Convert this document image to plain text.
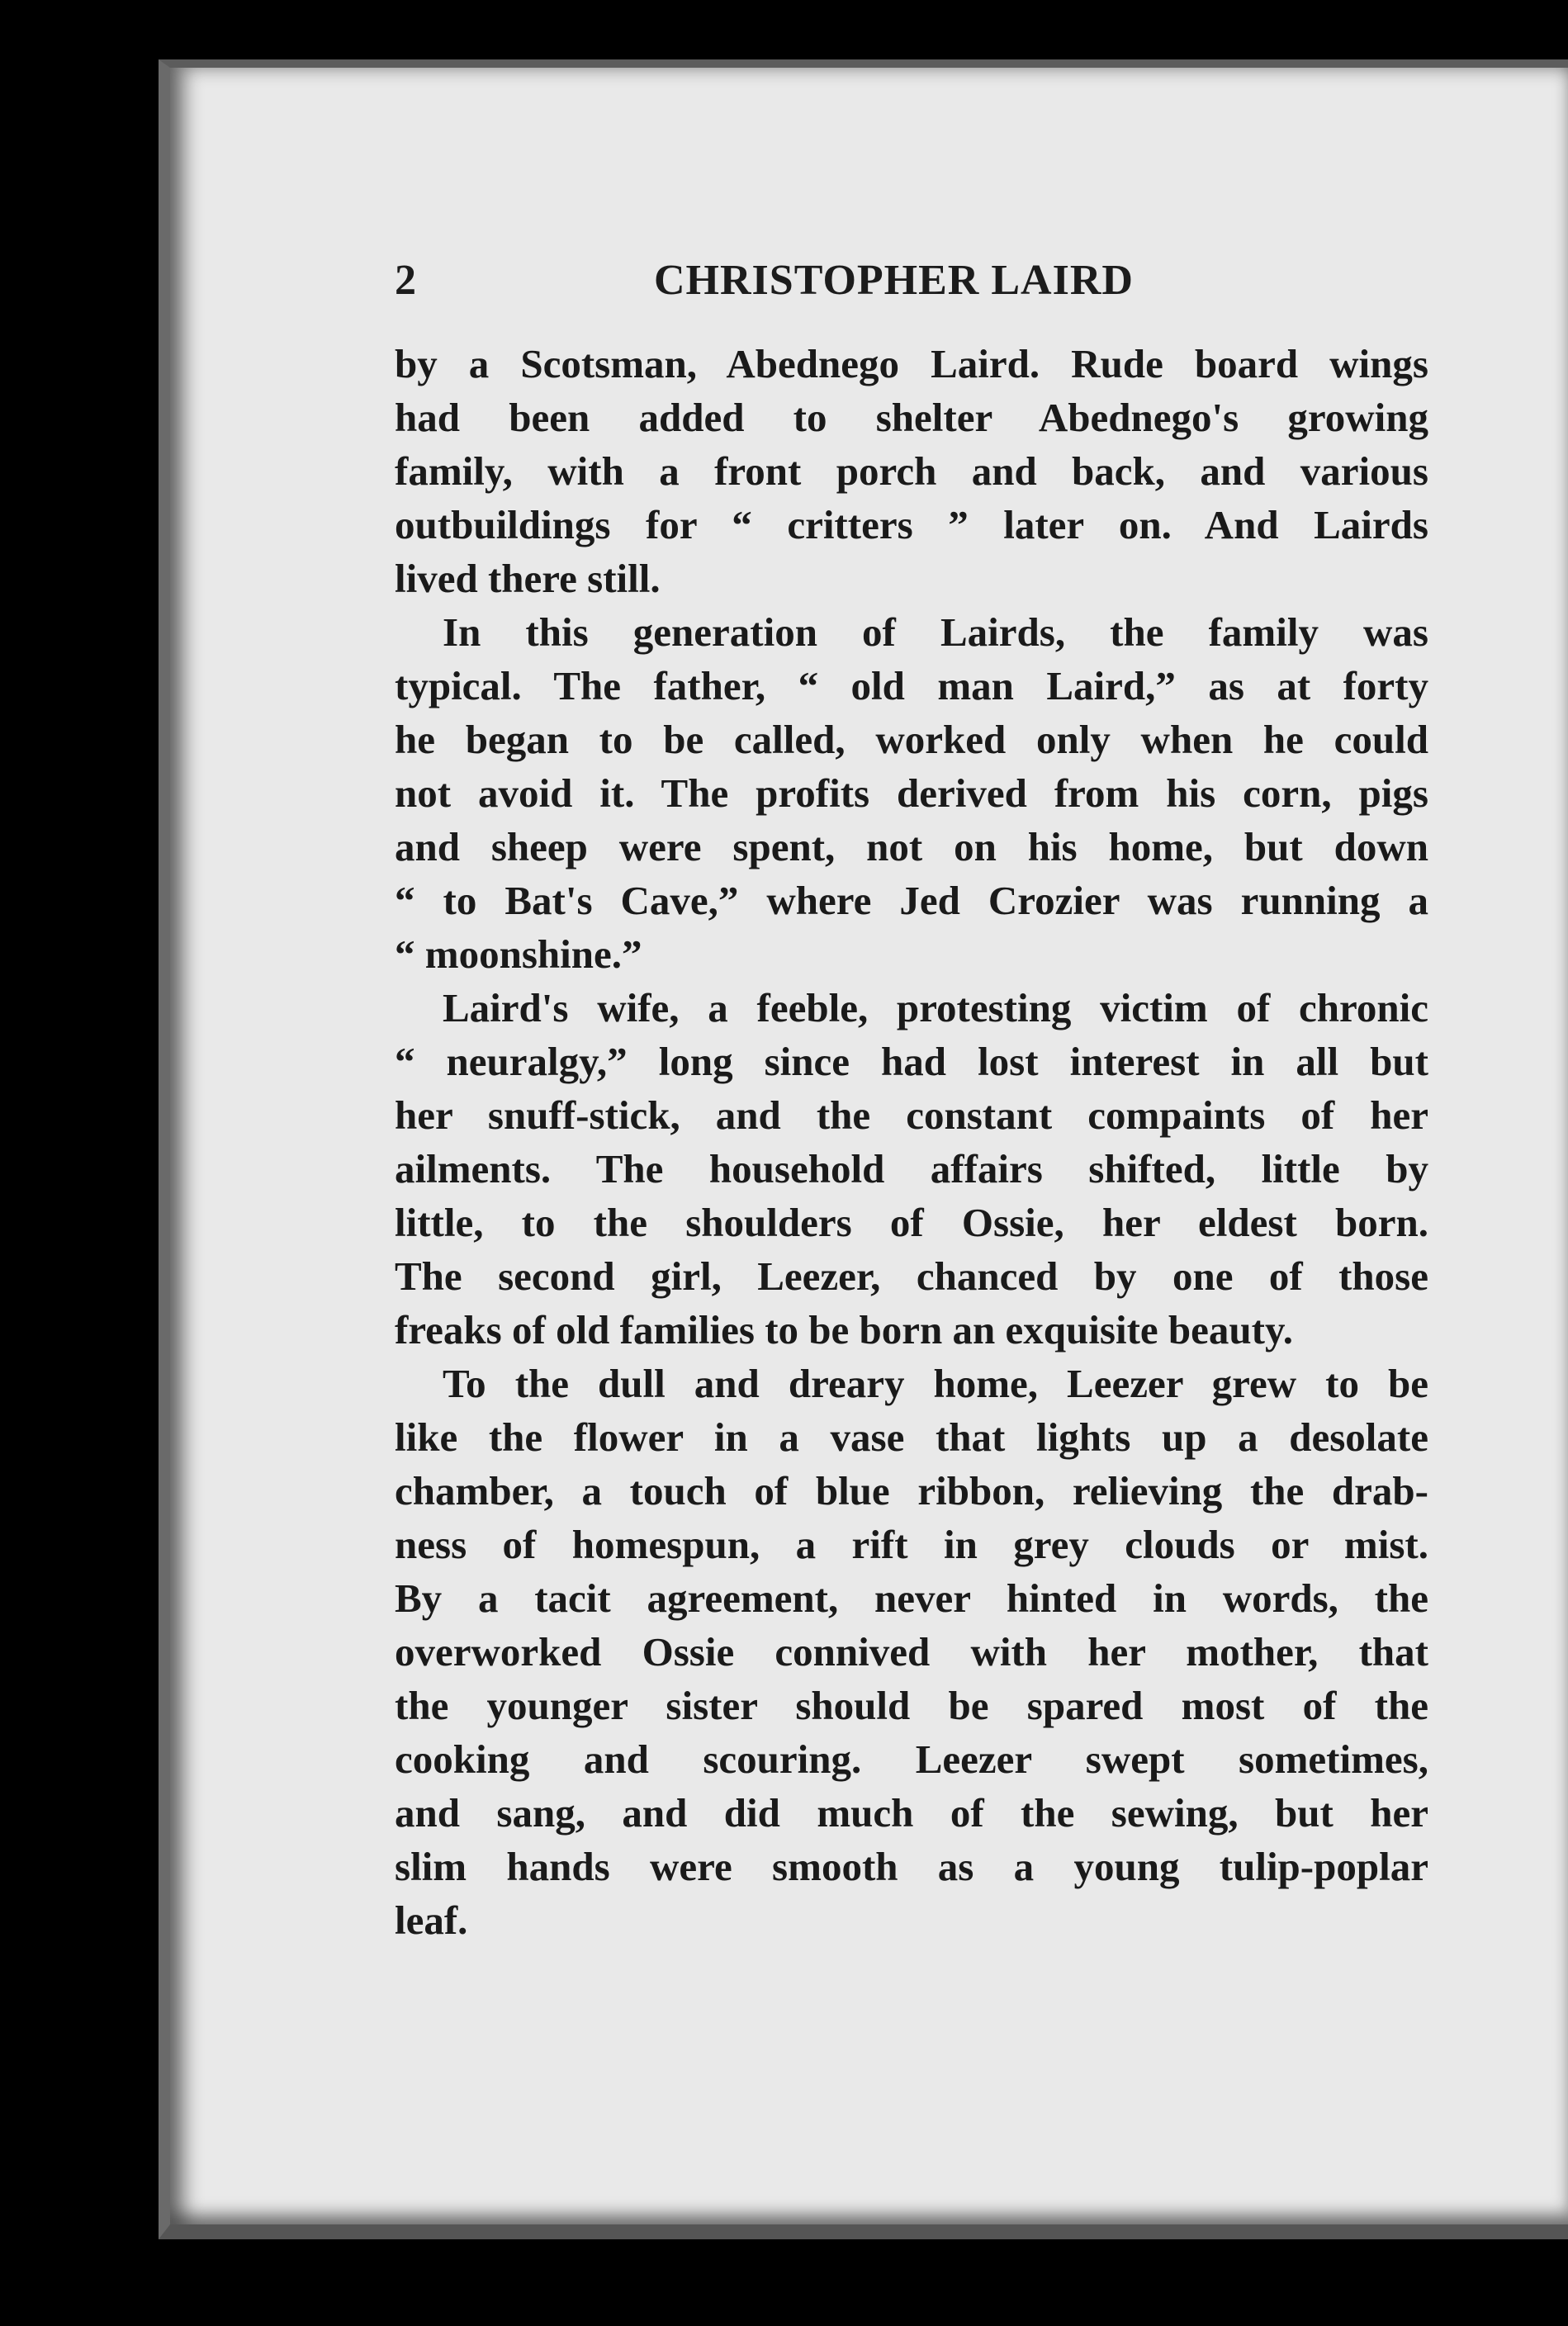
2	CHRISTOPHER LAIRD
by a Scotsman, Abednego Laird. Rude board wings
had been added to shelter Abednego's growing
family, with a front porch and back, and various
outbuildings for “ critters ” later on. And Lairds
lived there still.
In this generation of Lairds, the family was
typical. The father, “ old man Laird,” as at forty
he began to be called, worked only when he could
not avoid it. The profits derived from his corn, pigs
and sheep were spent, not on his home, but down
“ to Bat's Cave,” where Jed Crozier was running a
“ moonshine.”
Laird's wife, a feeble, protesting victim of chronic
“ neuralgy,” long since had lost interest in all but
her snuff-stick, and the constant compaints of her
ailments. The household affairs shifted, little by
little, to the shoulders of Ossie, her eldest born.
The second girl, Leezer, chanced by one of those
freaks of old families to be born an exquisite beauty.
To the dull and dreary home, Leezer grew to be
like the flower in a vase that lights up a desolate
chamber, a touch of blue ribbon, relieving the drab-
ness of homespun, a rift in grey clouds or mist.
By a tacit agreement, never hinted in words, the
overworked Ossie connived with her mother, that
the younger sister should be spared most of the
cooking and scouring. Leezer swept sometimes,
and sang, and did much of the sewing, but her
slim hands were smooth as a young tulip-poplar
leaf.
